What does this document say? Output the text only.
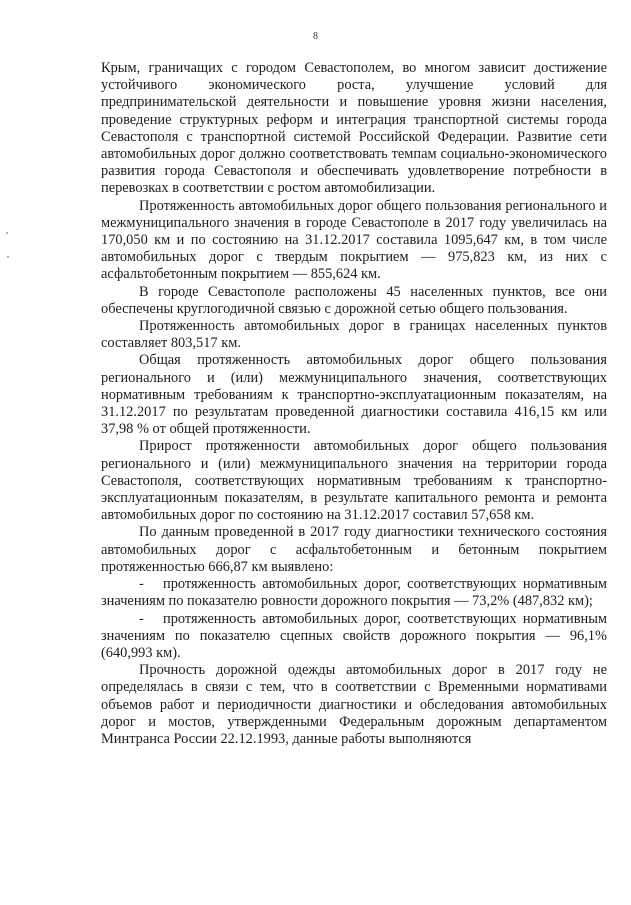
8

Крым, граничащих с городом Севастополем, во многом зависит достижение устойчивого экономического роста, улучшение условий для предпринимательской деятельности и повышение уровня жизни населения, проведение структурных реформ и интеграция транспортной системы города Севастополя с транспортной системой Российской Федерации. Развитие сети автомобильных дорог должно соответствовать темпам социально-экономического развития города Севастополя и обеспечивать удовлетворение потребности в перевозках в соответствии с ростом автомобилизации.

Протяженность автомобильных дорог общего пользования регионального и межмуниципального значения в городе Севастополе в 2017 году увеличилась на 170,050 км и по состоянию на 31.12.2017 составила 1095,647 км, в том числе автомобильных дорог с твердым покрытием — 975,823 км, из них с асфальтобетонным покрытием — 855,624 км.

В городе Севастополе расположены 45 населенных пунктов, все они обеспечены круглогодичной связью с дорожной сетью общего пользования.

Протяженность автомобильных дорог в границах населенных пунктов составляет 803,517 км.

Общая протяженность автомобильных дорог общего пользования регионального и (или) межмуниципального значения, соответствующих нормативным требованиям к транспортно-эксплуатационным показателям, на 31.12.2017 по результатам проведенной диагностики составила 416,15 км или 37,98 % от общей протяженности.

Прирост протяженности автомобильных дорог общего пользования регионального и (или) межмуниципального значения на территории города Севастополя, соответствующих нормативным требованиям к транспортно-эксплуатационным показателям, в результате капитального ремонта и ремонта автомобильных дорог по состоянию на 31.12.2017 составил 57,658 км.

По данным проведенной в 2017 году диагностики технического состояния автомобильных дорог с асфальтобетонным и бетонным покрытием протяженностью 666,87 км выявлено:

- протяженность автомобильных дорог, соответствующих нормативным значениям по показателю ровности дорожного покрытия — 73,2% (487,832 км);

- протяженность автомобильных дорог, соответствующих нормативным значениям по показателю сцепных свойств дорожного покрытия — 96,1% (640,993 км).

Прочность дорожной одежды автомобильных дорог в 2017 году не определялась в связи с тем, что в соответствии с Временными нормативами объемов работ и периодичности диагностики и обследования автомобильных дорог и мостов, утвержденными Федеральным дорожным департаментом Минтранса России 22.12.1993, данные работы выполняются
